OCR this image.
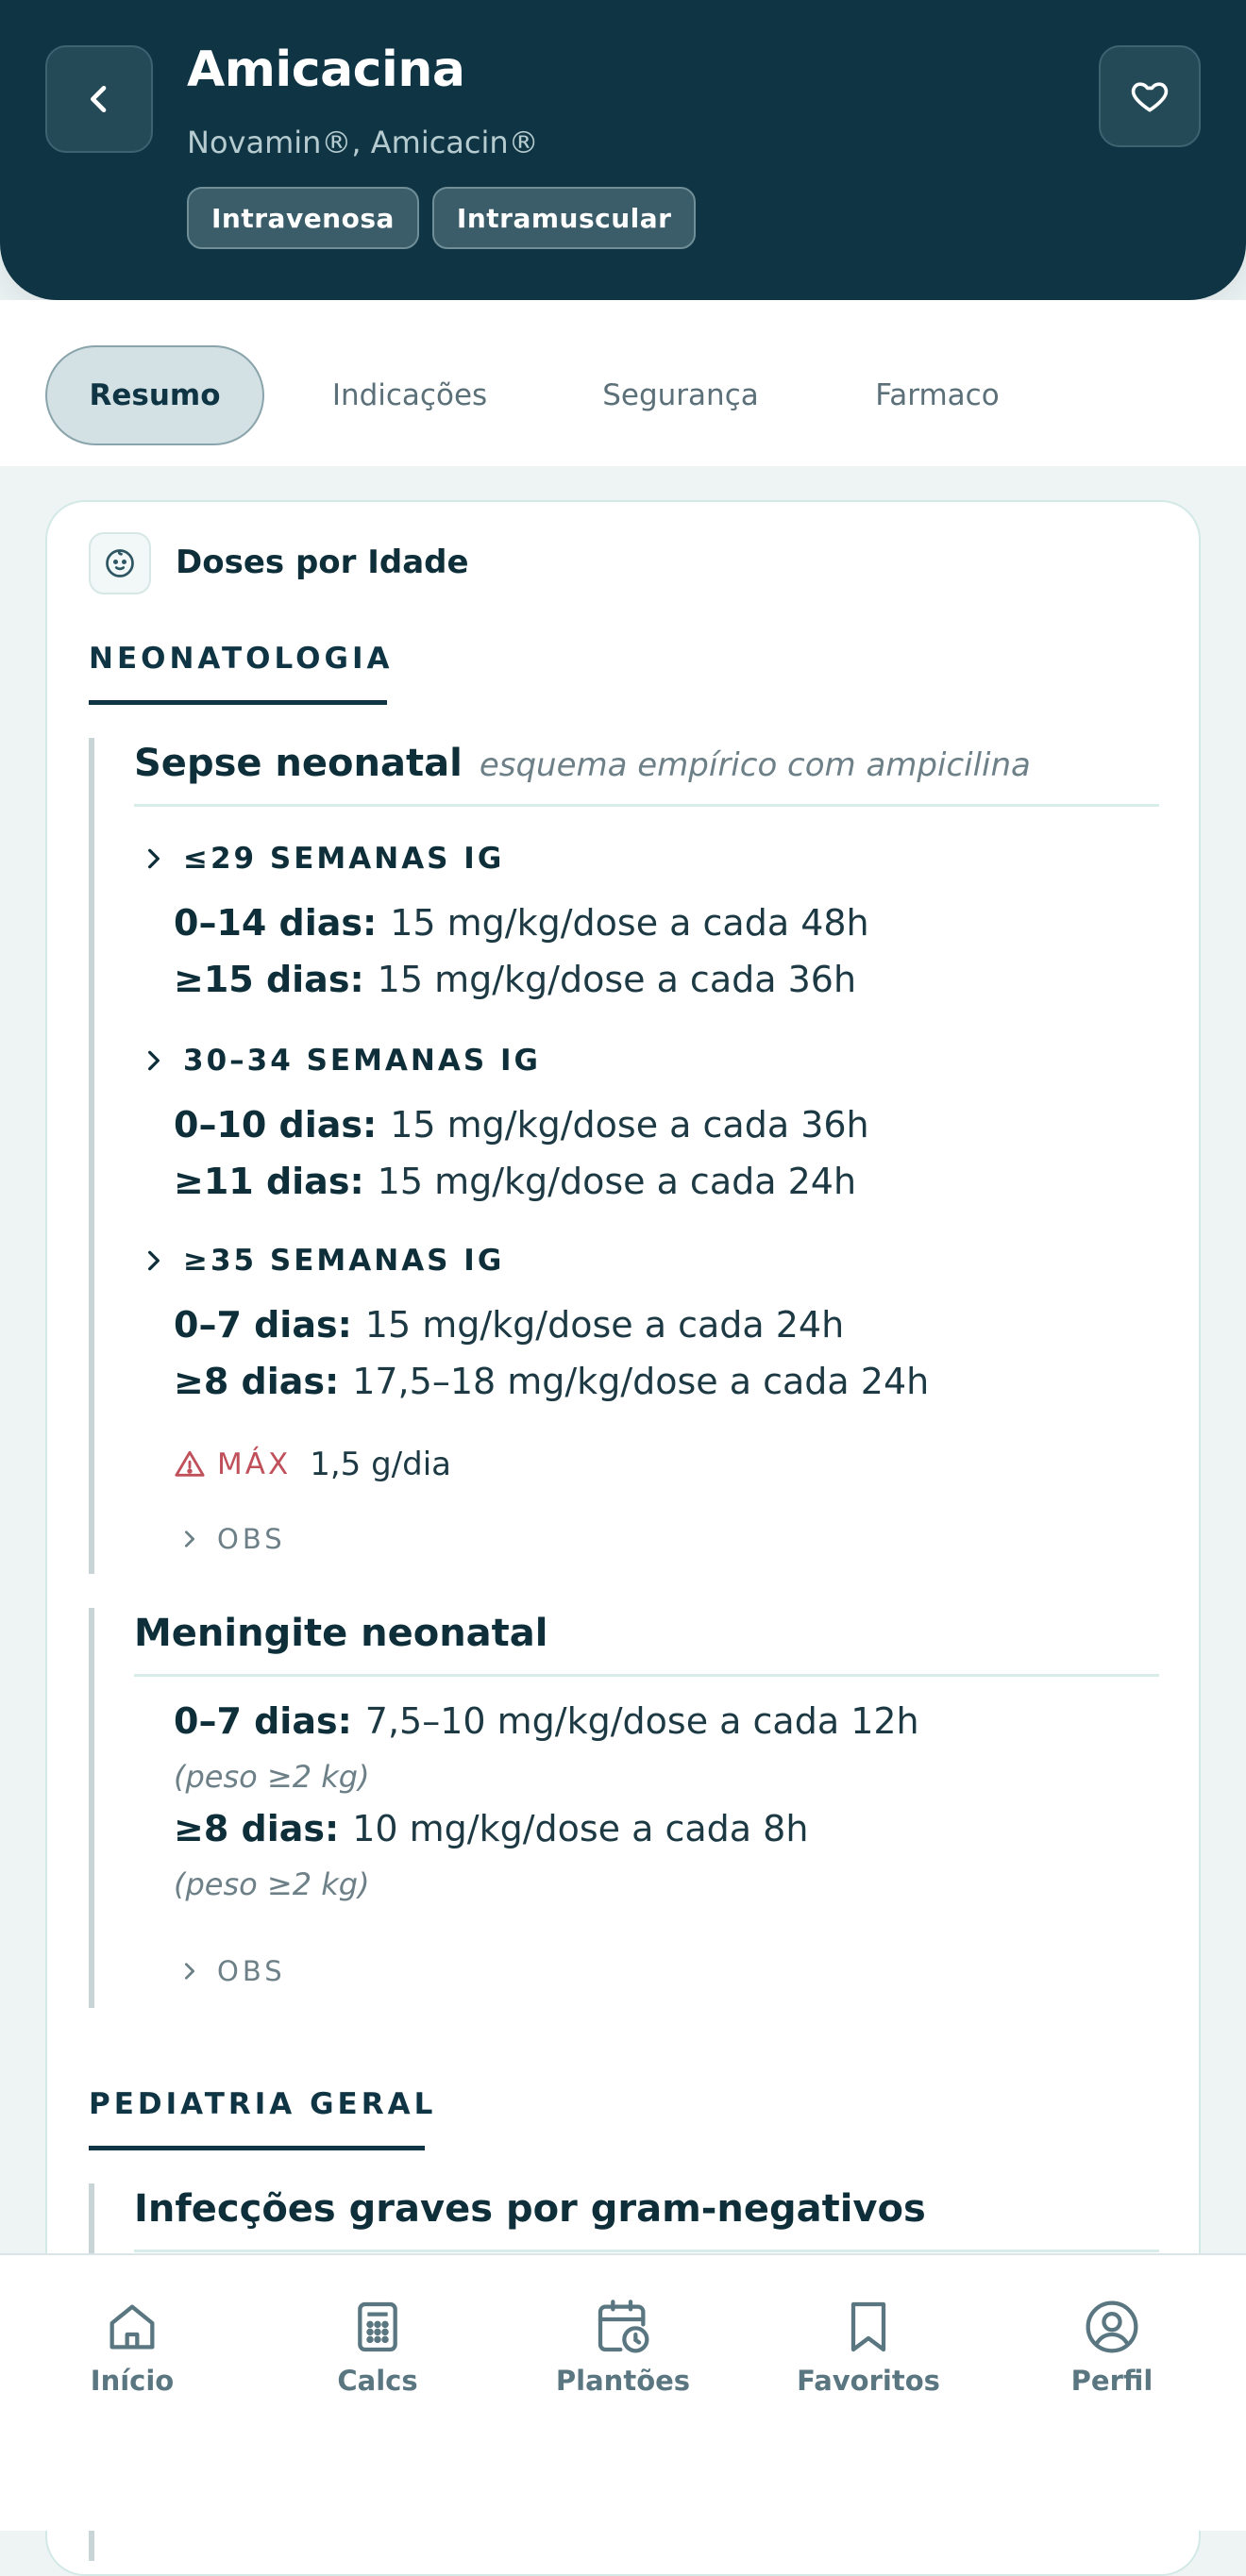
Amicacina
Novamin®, Amicacin®
Intravenosa	Intramuscular
Resumo	Indicações	Segurança	Farmaco
Doses por Idade
NEONATOLOGIA
Sepse neonatal esquema empírico com ampicilina
≤29 SEMANAS IG
0–14 dias: 15 mg/kg/dose a cada 48h
≥15 dias: 15 mg/kg/dose a cada 36h
30–34 SEMANAS IG
0–10 dias: 15 mg/kg/dose a cada 36h
≥11 dias: 15 mg/kg/dose a cada 24h
≥35 SEMANAS IG
0–7 dias: 15 mg/kg/dose a cada 24h
≥8 dias: 17,5–18 mg/kg/dose a cada 24h
MÁX 1,5 g/dia
OBS
Meningite neonatal
0–7 dias: 7,5–10 mg/kg/dose a cada 12h
(peso ≥2 kg)
≥8 dias: 10 mg/kg/dose a cada 8h
(peso ≥2 kg)
OBS
PEDIATRIA GERAL
Infecções graves por gram-negativos
Início	Calcs	Plantões	Favoritos	Perfil
